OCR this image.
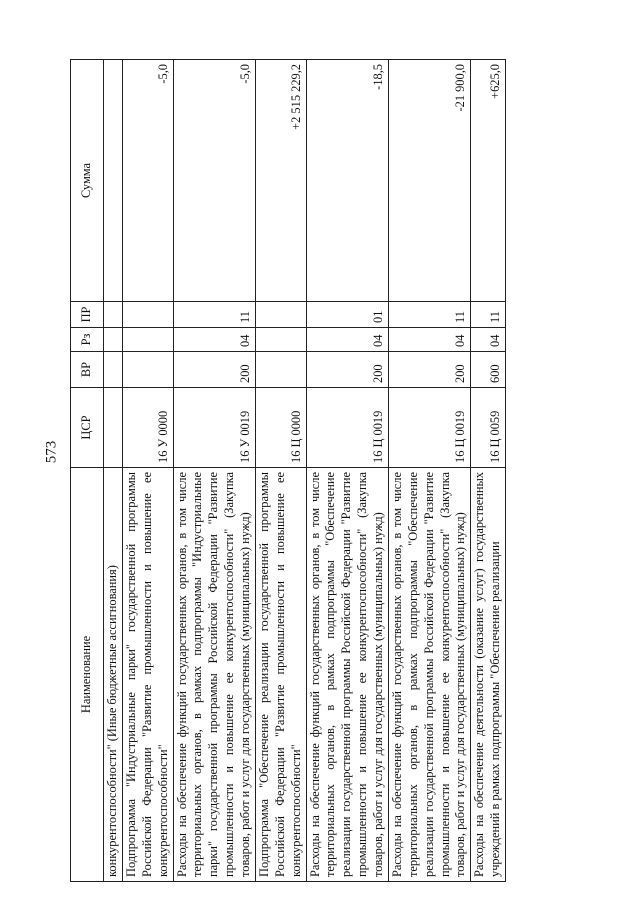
573
Наименование	ЦСР	ВР	Рз	ПР	Сумма
конкурентоспособности" (Иные бюджетные ассигнования)					
Подпрограмма "Индустриальные парки" государственной программы Российской Федерации "Развитие промышленности и повышение ее конкурентоспособности"	16 У 0000				-5,0
Расходы на обеспечение функций государственных органов, в том числе территориальных органов, в рамках подпрограммы "Индустриальные парки" государственной программы Российской Федерации "Развитие промышленности и повышение ее конкурентоспособности" (Закупка товаров, работ и услуг для государственных (муниципальных) нужд)	16 У 0019	200	04	11	-5,0
Подпрограмма "Обеспечение реализации государственной программы Российской Федерации "Развитие промышленности и повышение ее конкурентоспособности"	16 Ц 0000				+2 515 229,2
Расходы на обеспечение функций государственных органов, в том числе территориальных органов, в рамках подпрограммы "Обеспечение реализации государственной программы Российской Федерации "Развитие промышленности и повышение ее конкурентоспособности" (Закупка товаров, работ и услуг для государственных (муниципальных) нужд)	16 Ц 0019	200	04	01	-18,5
Расходы на обеспечение функций государственных органов, в том числе территориальных органов, в рамках подпрограммы "Обеспечение реализации государственной программы Российской Федерации "Развитие промышленности и повышение ее конкурентоспособности" (Закупка товаров, работ и услуг для государственных (муниципальных) нужд)	16 Ц 0019	200	04	11	-21 900,0
Расходы на обеспечение деятельности (оказание услуг) государственных учреждений в рамках подпрограммы "Обеспечение реализации	16 Ц 0059	600	04	11	+625,0
